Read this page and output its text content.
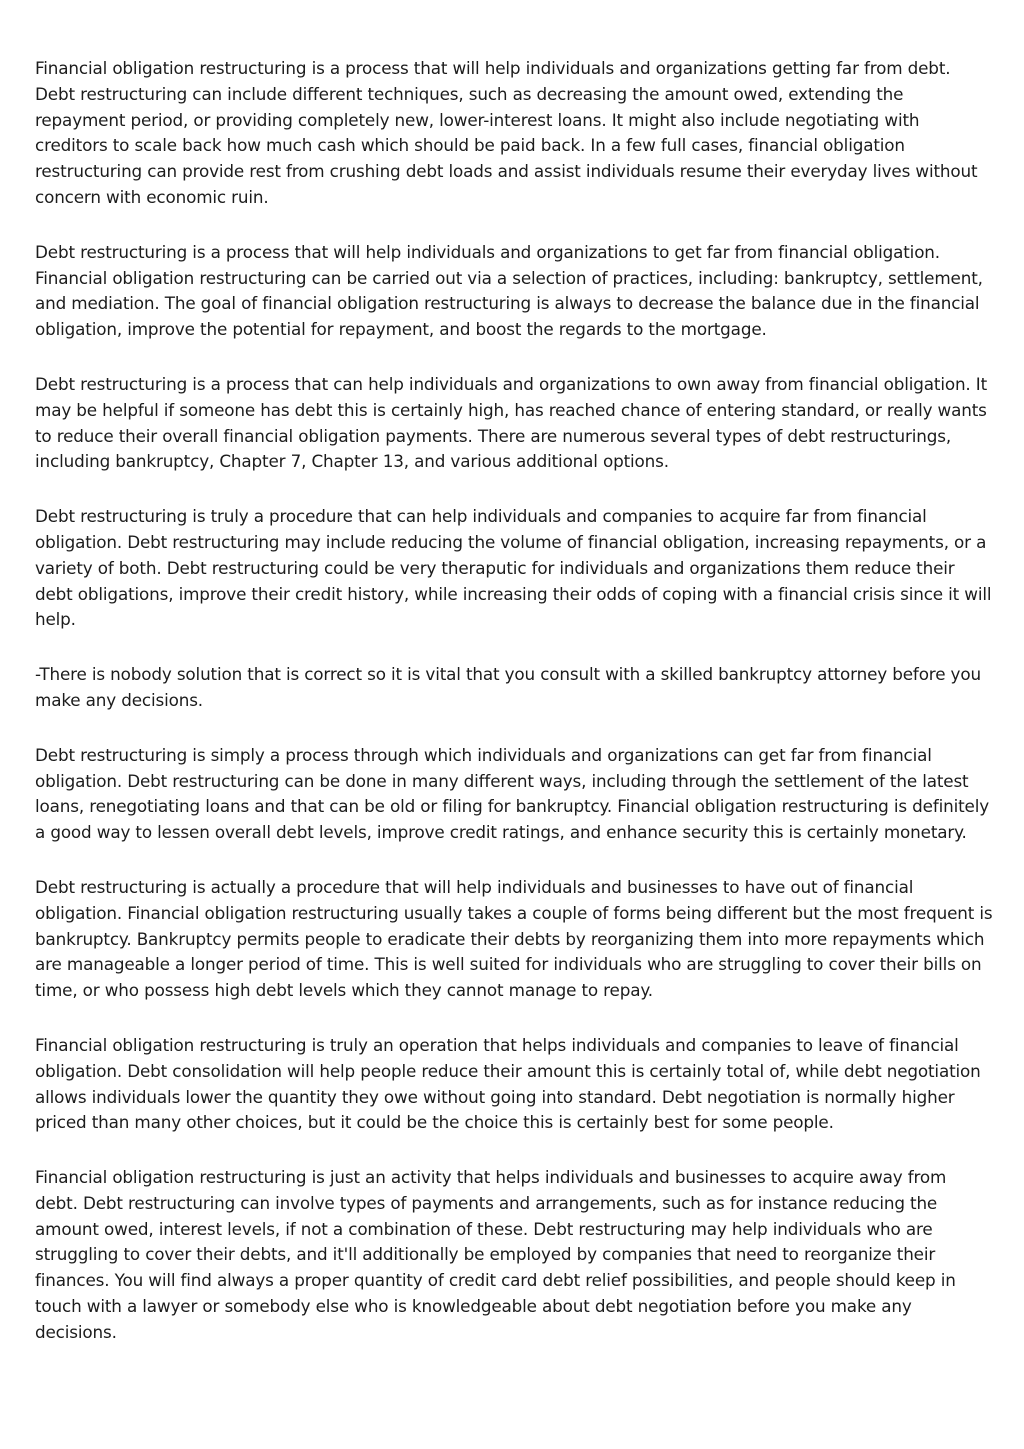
Financial obligation restructuring is a process that will help individuals and organizations getting far from debt. Debt restructuring can include different techniques, such as decreasing the amount owed, extending the repayment period, or providing completely new, lower-interest loans. It might also include negotiating with creditors to scale back how much cash which should be paid back. In a few full cases, financial obligation restructuring can provide rest from crushing debt loads and assist individuals resume their everyday lives without concern with economic ruin.

Debt restructuring is a process that will help individuals and organizations to get far from financial obligation. Financial obligation restructuring can be carried out via a selection of practices, including: bankruptcy, settlement, and mediation. The goal of financial obligation restructuring is always to decrease the balance due in the financial obligation, improve the potential for repayment, and boost the regards to the mortgage.

Debt restructuring is a process that can help individuals and organizations to own away from financial obligation. It may be helpful if someone has debt this is certainly high, has reached chance of entering standard, or really wants to reduce their overall financial obligation payments. There are numerous several types of debt restructurings, including bankruptcy, Chapter 7, Chapter 13, and various additional options.

Debt restructuring is truly a procedure that can help individuals and companies to acquire far from financial obligation. Debt restructuring may include reducing the volume of financial obligation, increasing repayments, or a variety of both. Debt restructuring could be very theraputic for individuals and organizations them reduce their debt obligations, improve their credit history, while increasing their odds of coping with a financial crisis since it will help.

-There is nobody solution that is correct so it is vital that you consult with a skilled bankruptcy attorney before you make any decisions.

Debt restructuring is simply a process through which individuals and organizations can get far from financial obligation. Debt restructuring can be done in many different ways, including through the settlement of the latest loans, renegotiating loans and that can be old or filing for bankruptcy. Financial obligation restructuring is definitely a good way to lessen overall debt levels, improve credit ratings, and enhance security this is certainly monetary.

Debt restructuring is actually a procedure that will help individuals and businesses to have out of financial obligation. Financial obligation restructuring usually takes a couple of forms being different but the most frequent is bankruptcy. Bankruptcy permits people to eradicate their debts by reorganizing them into more repayments which are manageable a longer period of time. This is well suited for individuals who are struggling to cover their bills on time, or who possess high debt levels which they cannot manage to repay.

Financial obligation restructuring is truly an operation that helps individuals and companies to leave of financial obligation. Debt consolidation will help people reduce their amount this is certainly total of, while debt negotiation allows individuals lower the quantity they owe without going into standard. Debt negotiation is normally higher priced than many other choices, but it could be the choice this is certainly best for some people.

Financial obligation restructuring is just an activity that helps individuals and businesses to acquire away from debt. Debt restructuring can involve types of payments and arrangements, such as for instance reducing the amount owed, interest levels, if not a combination of these. Debt restructuring may help individuals who are struggling to cover their debts, and it'll additionally be employed by companies that need to reorganize their finances. You will find always a proper quantity of credit card debt relief possibilities, and people should keep in touch with a lawyer or somebody else who is knowledgeable about debt negotiation before you make any decisions.
